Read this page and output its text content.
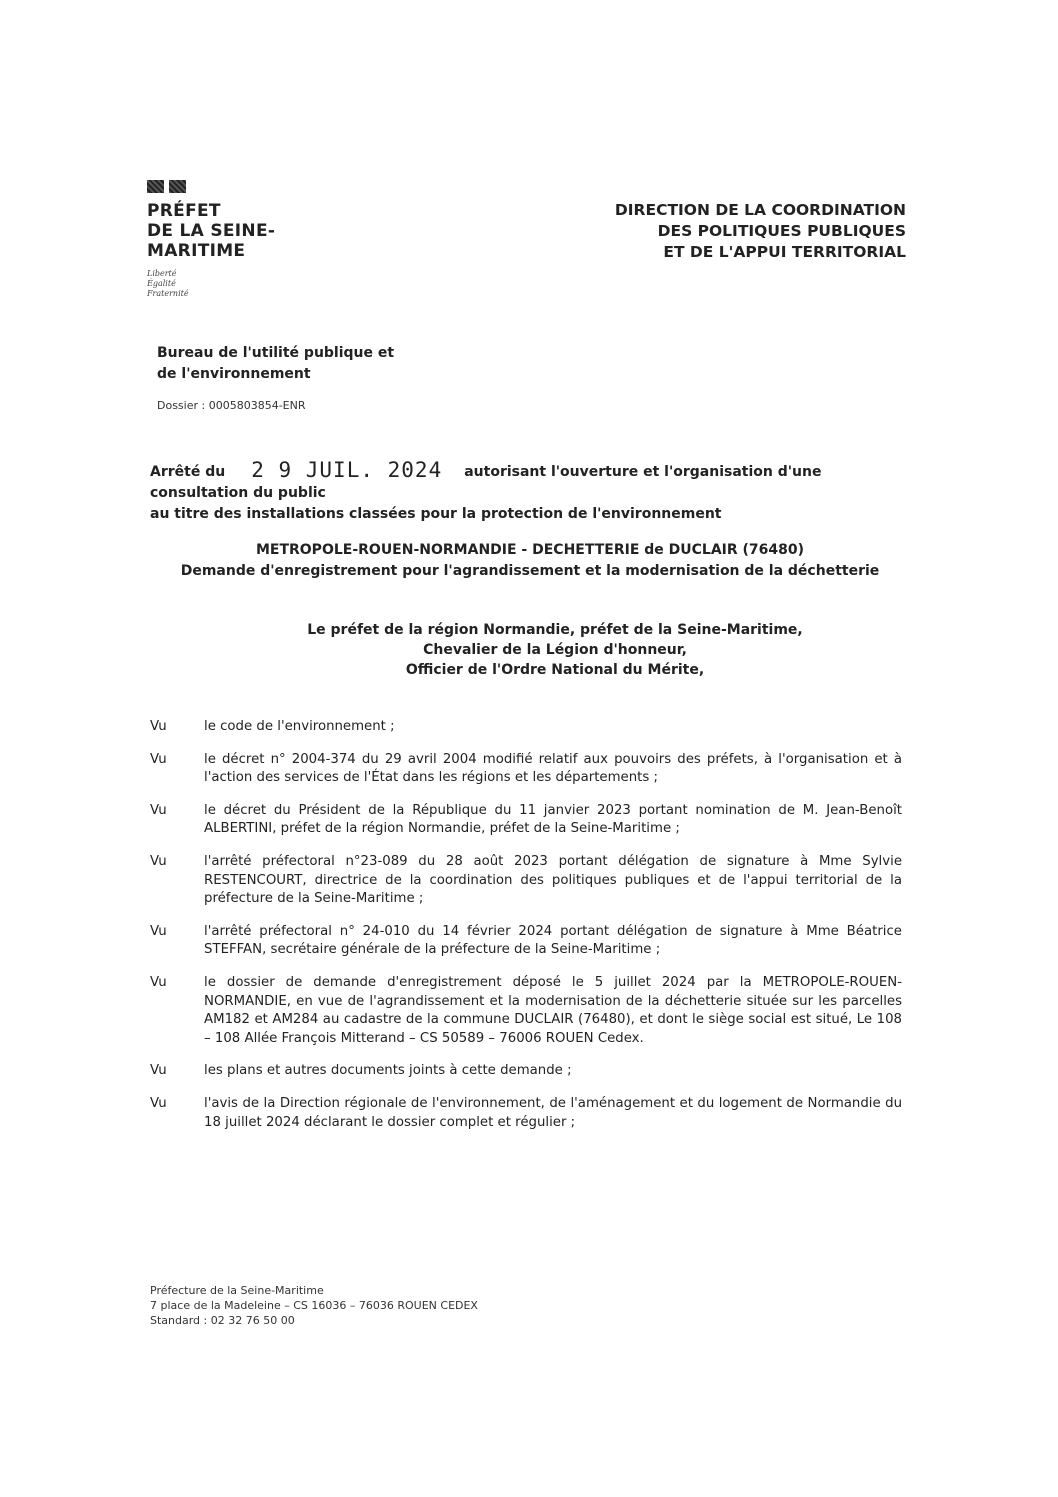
PRÉFET
DE LA SEINE-
MARITIME
Liberté
Égalité
Fraternité
DIRECTION DE LA COORDINATION
DES POLITIQUES PUBLIQUES
ET DE L'APPUI TERRITORIAL
Bureau de l'utilité publique et
de l'environnement
Dossier : 0005803854-ENR
Arrêté du 2 9 JUIL. 2024 autorisant l'ouverture et l'organisation d'une consultation du public
au titre des installations classées pour la protection de l'environnement
METROPOLE-ROUEN-NORMANDIE - DECHETTERIE de DUCLAIR (76480)
Demande d'enregistrement pour l'agrandissement et la modernisation de la déchetterie
Le préfet de la région Normandie, préfet de la Seine-Maritime,
Chevalier de la Légion d'honneur,
Officier de l'Ordre National du Mérite,
Vu	le code de l'environnement ;
Vu	le décret n° 2004-374 du 29 avril 2004 modifié relatif aux pouvoirs des préfets, à l'organisation et à l'action des services de l'État dans les régions et les départements ;
Vu	le décret du Président de la République du 11 janvier 2023 portant nomination de M. Jean-Benoît ALBERTINI, préfet de la région Normandie, préfet de la Seine-Maritime ;
Vu	l'arrêté préfectoral n°23-089 du 28 août 2023 portant délégation de signature à Mme Sylvie RESTENCOURT, directrice de la coordination des politiques publiques et de l'appui territorial de la préfecture de la Seine-Maritime ;
Vu	l'arrêté préfectoral n° 24-010 du 14 février 2024 portant délégation de signature à Mme Béatrice STEFFAN, secrétaire générale de la préfecture de la Seine-Maritime ;
Vu	le dossier de demande d'enregistrement déposé le 5 juillet 2024 par la METROPOLE-ROUEN-NORMANDIE, en vue de l'agrandissement et la modernisation de la déchetterie située sur les parcelles AM182 et AM284 au cadastre de la commune DUCLAIR (76480), et dont le siège social est situé, Le 108 – 108 Allée François Mitterand – CS 50589 – 76006 ROUEN Cedex.
Vu	les plans et autres documents joints à cette demande ;
Vu	l'avis de la Direction régionale de l'environnement, de l'aménagement et du logement de Normandie du 18 juillet 2024 déclarant le dossier complet et régulier ;
Préfecture de la Seine-Maritime
7 place de la Madeleine – CS 16036 – 76036 ROUEN CEDEX
Standard : 02 32 76 50 00
